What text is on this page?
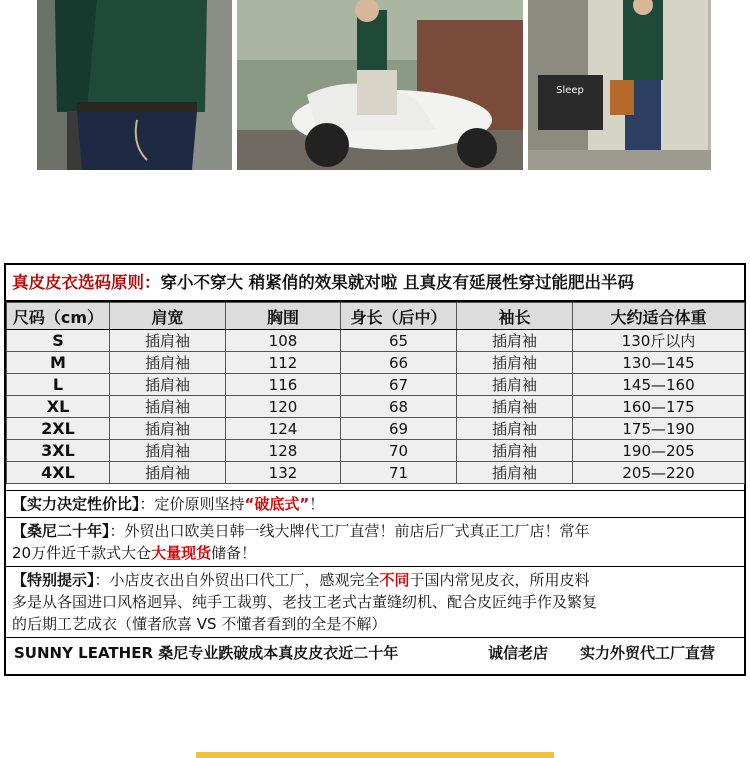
Sleep
真皮皮衣选码原则：穿小不穿大 稍紧俏的效果就对啦 且真皮有延展性穿过能肥出半码
尺码（cm）	肩宽	胸围	身长（后中）	袖长	大约适合体重
S	插肩袖	108	65	插肩袖	130斤以内
M	插肩袖	112	66	插肩袖	130—145
L	插肩袖	116	67	插肩袖	145—160
XL	插肩袖	120	68	插肩袖	160—175
2XL	插肩袖	124	69	插肩袖	175—190
3XL	插肩袖	128	70	插肩袖	190—205
4XL	插肩袖	132	71	插肩袖	205—220
【实力决定性价比】：定价原则坚持“破底式”！
【桑尼二十年】：外贸出口欧美日韩一线大牌代工厂直营！前店后厂式真正工厂店！常年
20万件近千款式大仓大量现货储备！
【特别提示】：小店皮衣出自外贸出口代工厂，感观完全不同于国内常见皮衣，所用皮料
多是从各国进口风格迥异、纯手工裁剪、老技工老式古董缝纫机、配合皮匠纯手作及繁复
的后期工艺成衣（懂者欣喜 VS 不懂者看到的全是不解）
SUNNY LEATHER 桑尼专业跌破成本真皮皮衣近二十年	诚信老店 实力外贸代工厂直营
